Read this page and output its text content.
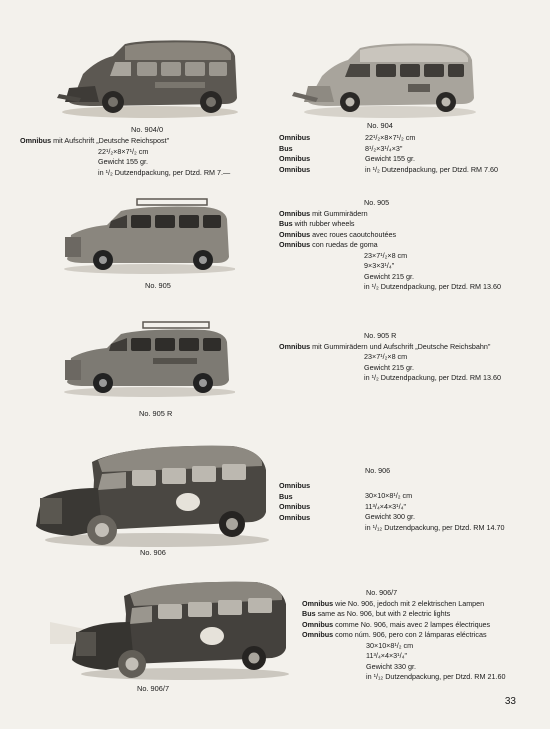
No. 904/0
Omnibus mit Aufschrift „Deutsche Reichspost"
22¹/₂×8×7¹/₂ cm
Gewicht 155 gr.
in ¹/₂ Dutzendpackung, per Dtzd. RM 7.—
No. 904
Omnibus
Bus
Omnibus
Omnibus
22¹/₂×8×7¹/₂ cm
8¹/₂×3¹/₄×3"
Gewicht 155 gr.
in ¹/₂ Dutzendpackung, per Dtzd. RM 7.60
No. 905
No. 905
Omnibus mit Gummirädern
Bus with rubber wheels
Omnibus avec roues caoutchoutées
Omnibus con ruedas de goma
23×7¹/₂×8 cm
9×3×3¹/₄"
Gewicht 215 gr.
in ¹/₂ Dutzendpackung, per Dtzd. RM 13.60
No. 905 R
No. 905 R
Omnibus mit Gummirädern und Aufschrift „Deutsche Reichsbahn"
23×7¹/₂×8 cm
Gewicht 215 gr.
in ¹/₂ Dutzendpackung, per Dtzd. RM 13.60
No. 906
No. 906
Omnibus
Bus
Omnibus
Omnibus
30×10×8¹/₂ cm
11³/₄×4×3¹/₄"
Gewicht 300 gr.
in ¹/₁₂ Dutzendpackung, per Dtzd. RM 14.70
No. 906/7
No. 906/7
Omnibus wie No. 906, jedoch mit 2 elektrischen Lampen
Bus same as No. 906, but with 2 electric lights
Omnibus comme No. 906, mais avec 2 lampes électriques
Omnibus como núm. 906, pero con 2 lámparas eléctricas
30×10×8¹/₂ cm
11³/₄×4×3¹/₄"
Gewicht 330 gr.
in ¹/₁₂ Dutzendpackung, per Dtzd. RM 21.60
33
